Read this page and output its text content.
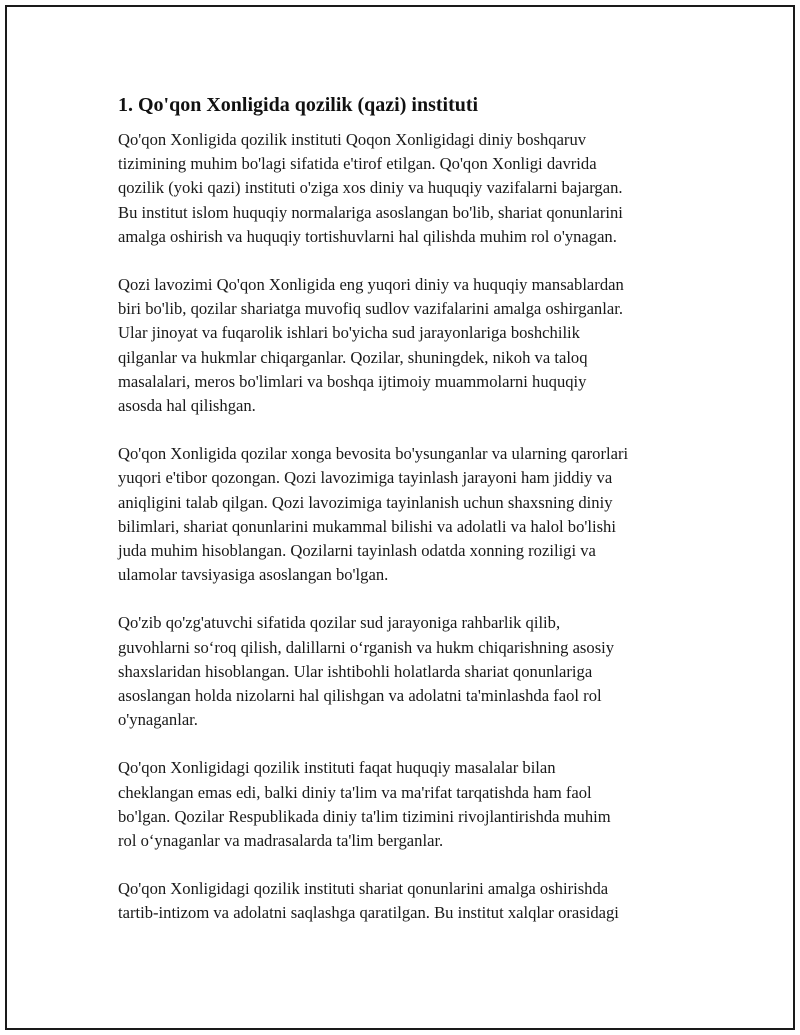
1. Qo'qon Xonligida qozilik (qazi) instituti

Qo'qon Xonligida qozilik instituti Qoqon Xonligidagi diniy boshqaruv
tizimining muhim bo'lagi sifatida e'tirof etilgan. Qo'qon Xonligi davrida
qozilik (yoki qazi) instituti o'ziga xos diniy va huquqiy vazifalarni bajargan.
Bu institut islom huquqiy normalariga asoslangan bo'lib, shariat qonunlarini
amalga oshirish va huquqiy tortishuvlarni hal qilishda muhim rol o'ynagan.

Qozi lavozimi Qo'qon Xonligida eng yuqori diniy va huquqiy mansablardan
biri bo'lib, qozilar shariatga muvofiq sudlov vazifalarini amalga oshirganlar.
Ular jinoyat va fuqarolik ishlari bo'yicha sud jarayonlariga boshchilik
qilganlar va hukmlar chiqarganlar. Qozilar, shuningdek, nikoh va taloq
masalalari, meros bo'limlari va boshqa ijtimoiy muammolarni huquqiy
asosda hal qilishgan.

Qo'qon Xonligida qozilar xonga bevosita bo'ysunganlar va ularning qarorlari
yuqori e'tibor qozongan. Qozi lavozimiga tayinlash jarayoni ham jiddiy va
aniqligini talab qilgan. Qozi lavozimiga tayinlanish uchun shaxsning diniy
bilimlari, shariat qonunlarini mukammal bilishi va adolatli va halol bo'lishi
juda muhim hisoblangan. Qozilarni tayinlash odatda xonning roziligi va
ulamolar tavsiyasiga asoslangan bo'lgan.

Qo'zib qo'zg'atuvchi sifatida qozilar sud jarayoniga rahbarlik qilib,
guvohlarni so‘roq qilish, dalillarni o‘rganish va hukm chiqarishning asosiy
shaxslaridan hisoblangan. Ular ishtibohli holatlarda shariat qonunlariga
asoslangan holda nizolarni hal qilishgan va adolatni ta'minlashda faol rol
o'ynaganlar.

Qo'qon Xonligidagi qozilik instituti faqat huquqiy masalalar bilan
cheklangan emas edi, balki diniy ta'lim va ma'rifat tarqatishda ham faol
bo'lgan. Qozilar Respublikada diniy ta'lim tizimini rivojlantirishda muhim
rol o‘ynaganlar va madrasalarda ta'lim berganlar.

Qo'qon Xonligidagi qozilik instituti shariat qonunlarini amalga oshirishda
tartib-intizom va adolatni saqlashga qaratilgan. Bu institut xalqlar orasidagi
